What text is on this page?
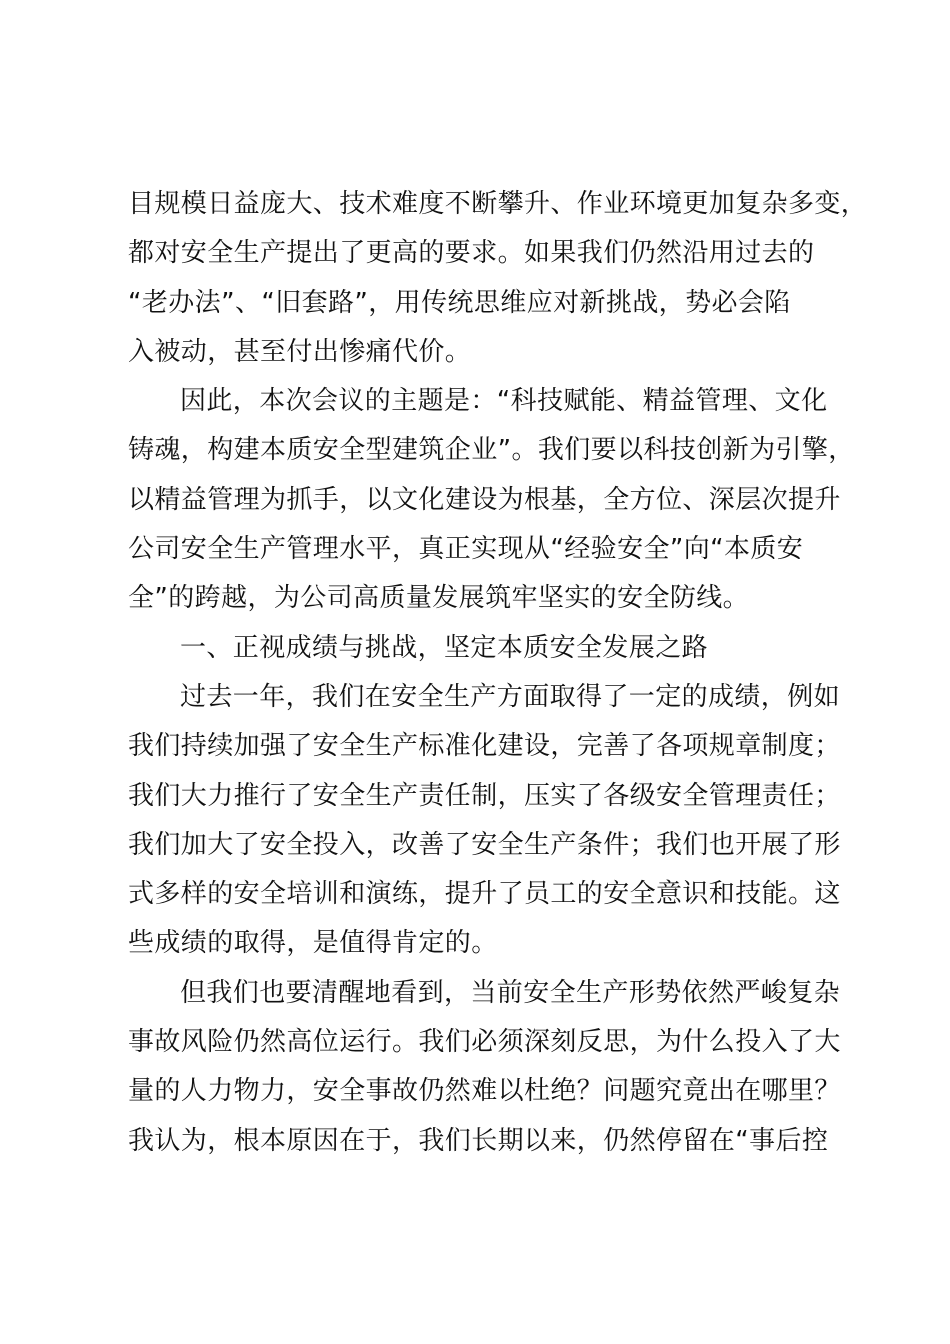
目规模日益庞大、技术难度不断攀升、作业环境更加复杂多变，
都对安全生产提出了更高的要求。如果我们仍然沿用过去的
“老办法”、“旧套路”，用传统思维应对新挑战，势必会陷
入被动，甚至付出惨痛代价。
因此，本次会议的主题是：“科技赋能、精益管理、文化
铸魂，构建本质安全型建筑企业”。我们要以科技创新为引擎，
以精益管理为抓手，以文化建设为根基，全方位、深层次提升
公司安全生产管理水平，真正实现从“经验安全”向“本质安
全”的跨越，为公司高质量发展筑牢坚实的安全防线。
一、正视成绩与挑战，坚定本质安全发展之路
过去一年，我们在安全生产方面取得了一定的成绩，例如
我们持续加强了安全生产标准化建设，完善了各项规章制度；
我们大力推行了安全生产责任制，压实了各级安全管理责任；
我们加大了安全投入，改善了安全生产条件；我们也开展了形
式多样的安全培训和演练，提升了员工的安全意识和技能。这
些成绩的取得，是值得肯定的。
但我们也要清醒地看到，当前安全生产形势依然严峻复杂
事故风险仍然高位运行。我们必须深刻反思，为什么投入了大
量的人力物力，安全事故仍然难以杜绝？问题究竟出在哪里？
我认为，根本原因在于，我们长期以来，仍然停留在“事后控
